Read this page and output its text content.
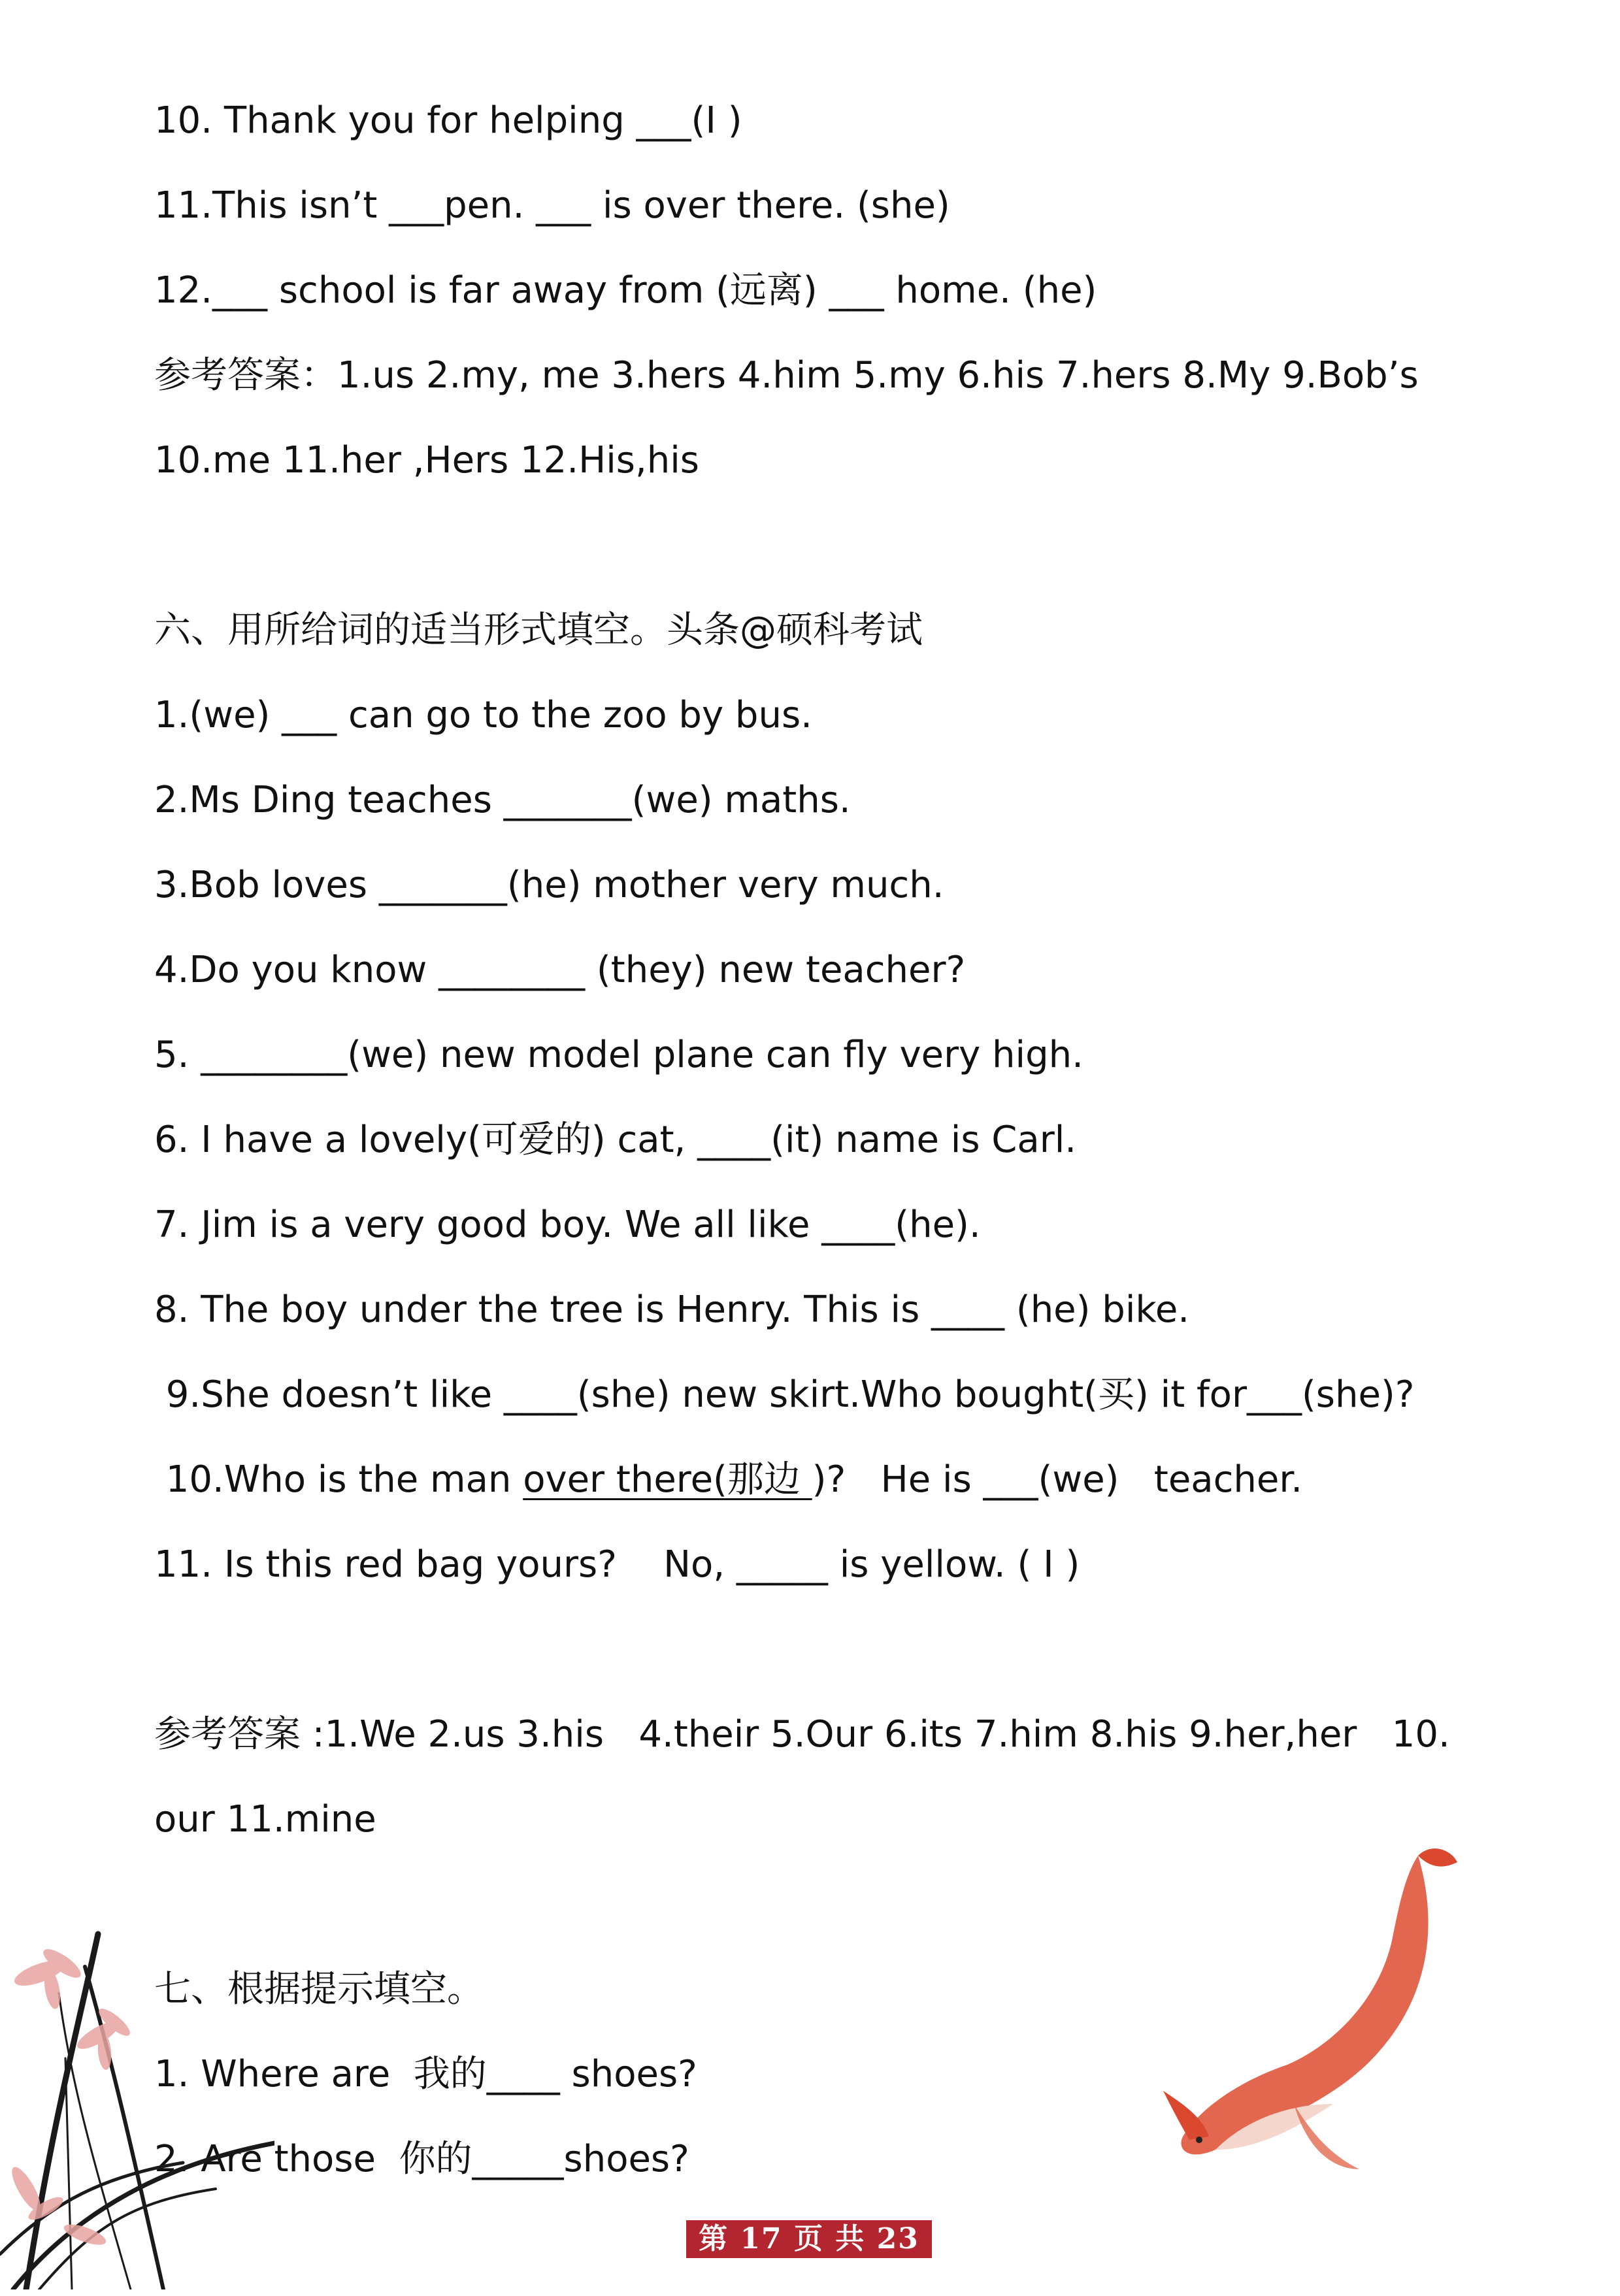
10. Thank you for helping ___(I )

11.This isn’t ___pen. ___ is over there. (she)

12.___ school is far away from (远离) ___ home. (he)

参考答案：1.us 2.my, me 3.hers 4.him 5.my 6.his 7.hers 8.My 9.Bob’s

10.me 11.her ,Hers 12.His,his

六、用所给词的适当形式填空。头条@硕科考试

1.(we) ___ can go to the zoo by bus.

2.Ms Ding teaches _______(we) maths.

3.Bob loves _______(he) mother very much.

4.Do you know ________ (they) new teacher?

5. ________(we) new model plane can fly very high.

6. I have a lovely(可爱的) cat, ____(it) name is Carl.

7. Jim is a very good boy. We all like ____(he).

8. The boy under the tree is Henry. This is ____ (he) bike.

9.She doesn’t like ____(she) new skirt.Who bought(买) it for___(she)?

10.Who is the man over there(那边 )?   He is ___(we)   teacher.

11. Is this red bag yours?    No, _____ is yellow. ( I )

参考答案 :1.We 2.us 3.his   4.their 5.Our 6.its 7.him 8.his 9.her,her   10.

our 11.mine

七、根据提示填空。

1. Where are  我的____ shoes?

2. Are those  你的_____shoes?

第 17 页 共 23 页
